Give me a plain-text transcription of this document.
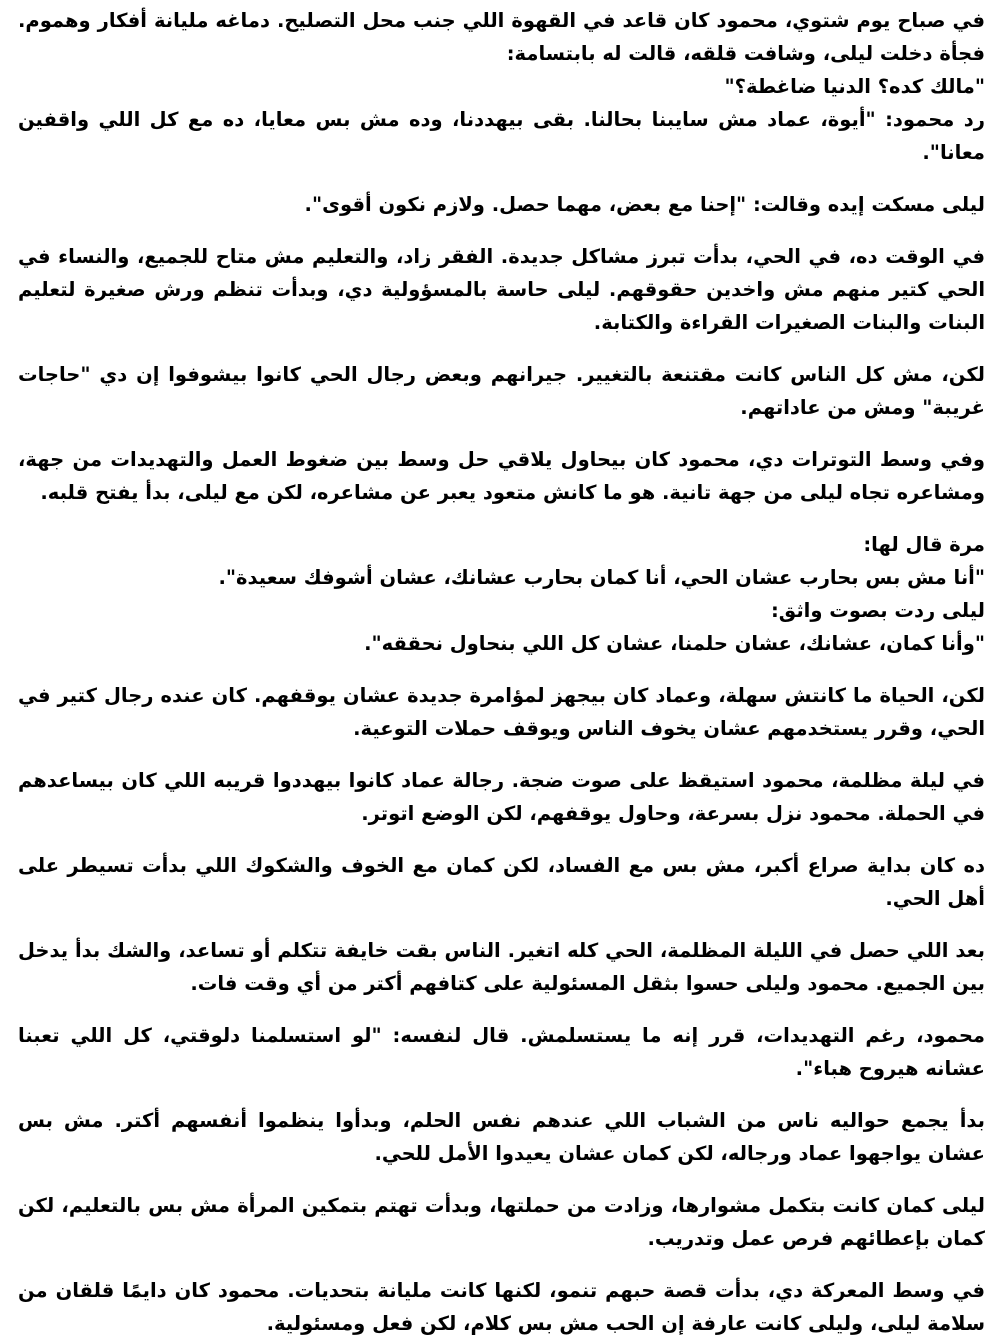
في صباح يوم شتوي، محمود كان قاعد في القهوة اللي جنب محل التصليح. دماغه مليانة أفكار وهموم. فجأة دخلت ليلى، وشافت قلقه، قالت له بابتسامة:
"مالك كده؟ الدنيا ضاغطة؟"
رد محمود: "أيوة، عماد مش سايبنا بحالنا. بقى بيهددنا، وده مش بس معايا، ده مع كل اللي واقفين معانا".
ليلى مسكت إيده وقالت: "إحنا مع بعض، مهما حصل. ولازم نكون أقوى".
في الوقت ده، في الحي، بدأت تبرز مشاكل جديدة. الفقر زاد، والتعليم مش متاح للجميع، والنساء في الحي كتير منهم مش واخدين حقوقهم. ليلى حاسة بالمسؤولية دي، وبدأت تنظم ورش صغيرة لتعليم البنات والبنات الصغيرات القراءة والكتابة.
لكن، مش كل الناس كانت مقتنعة بالتغيير. جيرانهم وبعض رجال الحي كانوا بيشوفوا إن دي "حاجات غريبة" ومش من عاداتهم.
وفي وسط التوترات دي، محمود كان بيحاول يلاقي حل وسط بين ضغوط العمل والتهديدات من جهة، ومشاعره تجاه ليلى من جهة تانية. هو ما كانش متعود يعبر عن مشاعره، لكن مع ليلى، بدأ يفتح قلبه.
مرة قال لها:
"أنا مش بس بحارب عشان الحي، أنا كمان بحارب عشانك، عشان أشوفك سعيدة".
ليلى ردت بصوت واثق:
"وأنا كمان، عشانك، عشان حلمنا، عشان كل اللي بنحاول نحققه".
لكن، الحياة ما كانتش سهلة، وعماد كان بيجهز لمؤامرة جديدة عشان يوقفهم. كان عنده رجال كتير في الحي، وقرر يستخدمهم عشان يخوف الناس ويوقف حملات التوعية.
في ليلة مظلمة، محمود استيقظ على صوت ضجة. رجالة عماد كانوا بيهددوا قريبه اللي كان بيساعدهم في الحملة. محمود نزل بسرعة، وحاول يوقفهم، لكن الوضع اتوتر.
ده كان بداية صراع أكبر، مش بس مع الفساد، لكن كمان مع الخوف والشكوك اللي بدأت تسيطر على أهل الحي.
بعد اللي حصل في الليلة المظلمة، الحي كله اتغير. الناس بقت خايفة تتكلم أو تساعد، والشك بدأ يدخل بين الجميع. محمود وليلى حسوا بثقل المسئولية على كتافهم أكتر من أي وقت فات.
محمود، رغم التهديدات، قرر إنه ما يستسلمش. قال لنفسه: "لو استسلمنا دلوقتي، كل اللي تعبنا عشانه هيروح هباء".
بدأ يجمع حواليه ناس من الشباب اللي عندهم نفس الحلم، وبدأوا ينظموا أنفسهم أكتر. مش بس عشان يواجهوا عماد ورجاله، لكن كمان عشان يعيدوا الأمل للحي.
ليلى كمان كانت بتكمل مشوارها، وزادت من حملتها، وبدأت تهتم بتمكين المرأة مش بس بالتعليم، لكن كمان بإعطائهم فرص عمل وتدريب.
في وسط المعركة دي، بدأت قصة حبهم تنمو، لكنها كانت مليانة بتحديات. محمود كان دايمًا قلقان من سلامة ليلى، وليلى كانت عارفة إن الحب مش بس كلام، لكن فعل ومسئولية.
